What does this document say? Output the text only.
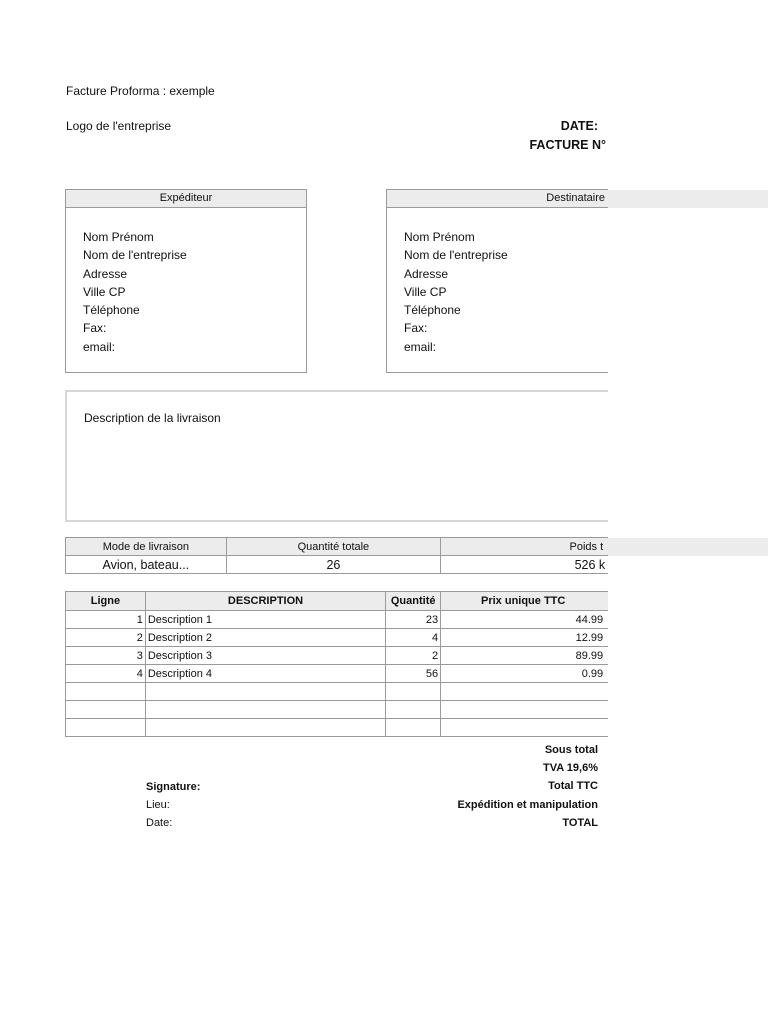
Facture Proforma : exemple
Logo de l'entreprise	DATE:
FACTURE N°
Expéditeur
Nom Prénom
Nom de l'entreprise
Adresse
Ville CP
Téléphone
Fax:
email:
Destinataire
Nom Prénom
Nom de l'entreprise
Adresse
Ville CP
Téléphone
Fax:
email:
Description de la livraison
Mode de livraison	Quantité totale	Poids t
Avion, bateau...	26	526 k
Ligne	DESCRIPTION	Quantité	Prix unique TTC
1	Description 1	23	44.99
2	Description 2	4	12.99
3	Description 3	2	89.99
4	Description 4	56	0.99

Sous total
TVA 19,6%
Total TTC
Expédition et manipulation
TOTAL
Signature:
Lieu:
Date:
